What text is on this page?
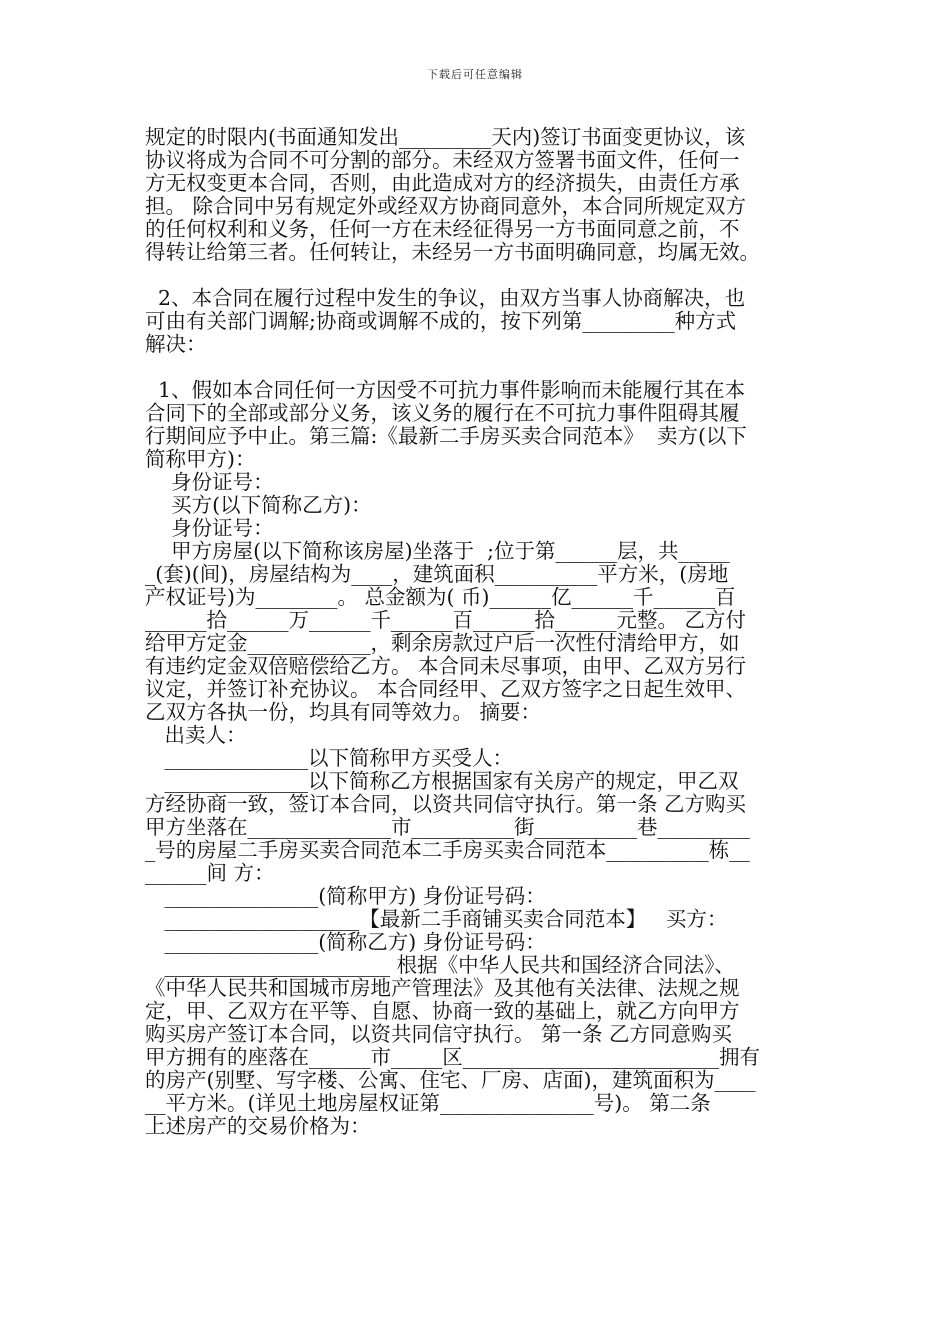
下载后可任意编辑
规定的时限内(书面通知发出_________天内)签订书面变更协议，该
协议将成为合同不可分割的部分。未经双方签署书面文件，任何一
方无权变更本合同，否则，由此造成对方的经济损失，由责任方承
担。 除合同中另有规定外或经双方协商同意外，本合同所规定双方
的任何权利和义务，任何一方在未经征得另一方书面同意之前，不
得转让给第三者。任何转让，未经另一方书面明确同意，均属无效。
2、本合同在履行过程中发生的争议，由双方当事人协商解决，也
可由有关部门调解;协商或调解不成的，按下列第_________种方式
解决：
1、假如本合同任何一方因受不可抗力事件影响而未能履行其在本
合同下的全部或部分义务，该义务的履行在不可抗力事件阻碍其履
行期间应予中止。第三篇:《最新二手房买卖合同范本》  卖方(以下
简称甲方)：
身份证号：
买方(以下简称乙方)：
身份证号：
甲方房屋(以下简称该房屋)坐落于  ;位于第______层，共_____
_(套)(间)，房屋结构为____，建筑面积__________平方米，(房地
产权证号)为________。 总金额为( 币)______亿______千______百
______拾______万______千______百______拾______元整。 乙方付
给甲方定金____________，剩余房款过户后一次性付清给甲方，如
有违约定金双倍赔偿给乙方。 本合同未尽事项，由甲、乙双方另行
议定，并签订补充协议。 本合同经甲、乙双方签字之日起生效甲、
乙双方各执一份，均具有同等效力。 摘要：
出卖人：
______________以下简称甲方买受人：
______________以下简称乙方根据国家有关房产的规定，甲乙双
方经协商一致，签订本合同，以资共同信守执行。第一条 乙方购买
甲方坐落在______________市__________街__________巷_________
_号的房屋二手房买卖合同范本二手房买卖合同范本__________栋__
______间 方：
_______________(简称甲方) 身份证号码：
___________________【最新二手商铺买卖合同范本】   买方：
_______________(简称乙方) 身份证号码：
______________________ 根据《中华人民共和国经济合同法》、
《中华人民共和国城市房地产管理法》及其他有关法律、法规之规
定，甲、乙双方在平等、自愿、协商一致的基础上，就乙方向甲方
购买房产签订本合同，以资共同信守执行。 第一条 乙方同意购买
甲方拥有的座落在______市_____区_________________________拥有
的房产(别墅、写字楼、公寓、住宅、厂房、店面)，建筑面积为____
__平方米。(详见土地房屋权证第_______________号)。 第二条
上述房产的交易价格为：
